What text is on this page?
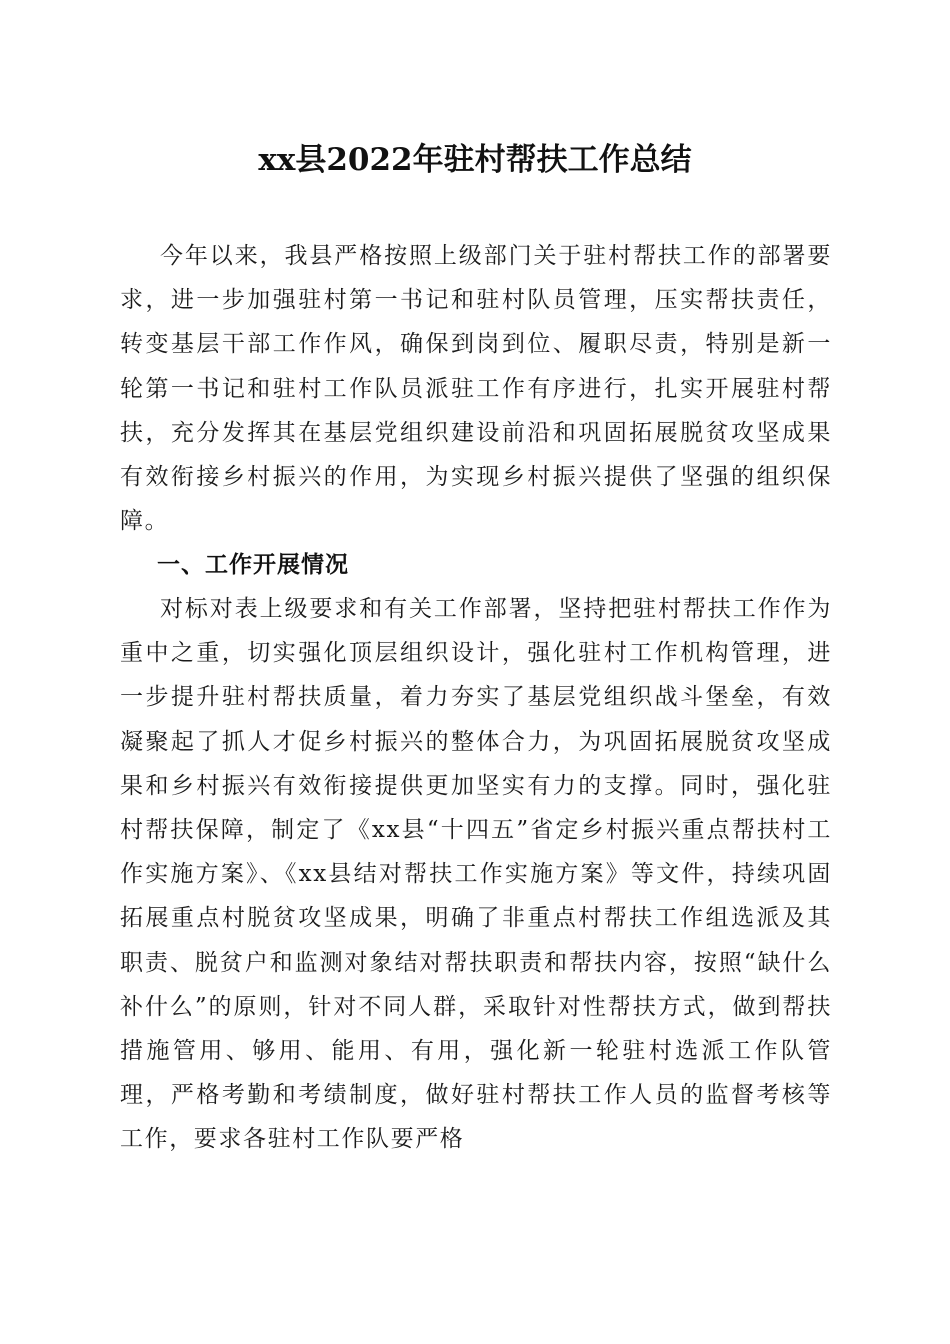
xx县2022年驻村帮扶工作总结

今年以来，我县严格按照上级部门关于驻村帮扶工作的部署要求，进一步加强驻村第一书记和驻村队员管理，压实帮扶责任，转变基层干部工作作风，确保到岗到位、履职尽责，特别是新一轮第一书记和驻村工作队员派驻工作有序进行，扎实开展驻村帮扶，充分发挥其在基层党组织建设前沿和巩固拓展脱贫攻坚成果有效衔接乡村振兴的作用，为实现乡村振兴提供了坚强的组织保障。

一、工作开展情况

对标对表上级要求和有关工作部署，坚持把驻村帮扶工作作为重中之重，切实强化顶层组织设计，强化驻村工作机构管理，进一步提升驻村帮扶质量，着力夯实了基层党组织战斗堡垒，有效凝聚起了抓人才促乡村振兴的整体合力，为巩固拓展脱贫攻坚成果和乡村振兴有效衔接提供更加坚实有力的支撑。同时，强化驻村帮扶保障，制定了《xx县“十四五”省定乡村振兴重点帮扶村工作实施方案》、《xx县结对帮扶工作实施方案》等文件，持续巩固拓展重点村脱贫攻坚成果，明确了非重点村帮扶工作组选派及其职责、脱贫户和监测对象结对帮扶职责和帮扶内容，按照“缺什么补什么”的原则，针对不同人群，采取针对性帮扶方式，做到帮扶措施管用、够用、能用、有用，强化新一轮驻村选派工作队管理，严格考勤和考绩制度，做好驻村帮扶工作人员的监督考核等工作，要求各驻村工作队要严格
